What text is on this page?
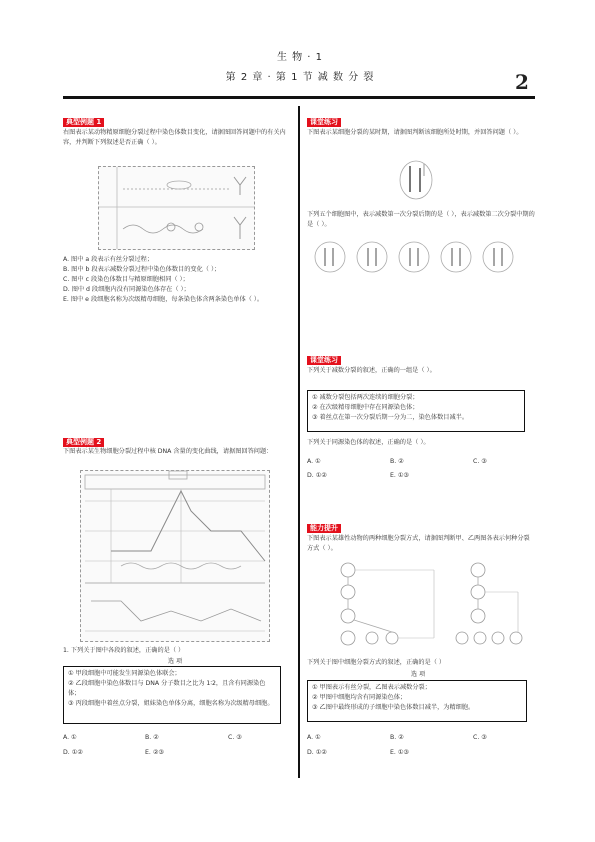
生 物 · 1
第 2 章 · 第 1 节 减 数 分 裂	2
典型例题 1
右图表示某动物精原细胞分裂过程中染色体数目变化，请据图回答问题中的有关内容，并判断下列叙述是否正确（ ）。
A. 图中 a 段表示有丝分裂过程；
B. 图中 b 段表示减数分裂过程中染色体数目的变化（ ）；
C. 图中 c 段染色体数目与精原细胞相同（ ）；
D. 图中 d 段细胞内没有同源染色体存在（ ）；
E. 图中 e 段细胞名称为次级精母细胞，每条染色体含两条染色单体（ ）。
典型例题 2
下图表示某生物细胞分裂过程中核 DNA 含量的变化曲线，请据图回答问题：
1. 下列关于图中各段的叙述，正确的是（ ）
选 项
① 甲段细胞中可能发生同源染色体联会；
② 乙段细胞中染色体数目与 DNA 分子数目之比为 1∶2，且含有同源染色体；
③ 丙段细胞中着丝点分裂，姐妹染色单体分离，细胞名称为次级精母细胞。
A. ①	B. ②	C. ③
D. ①②	E. ②③
课堂练习
下图表示某细胞分裂的某时期，请据图判断该细胞所处时期，并回答问题（ ）。
下列五个细胞图中，表示减数第一次分裂后期的是（ ），表示减数第二次分裂中期的是（ ）。
课堂练习
下列关于减数分裂的叙述，正确的一组是（ ）。
① 减数分裂包括两次连续的细胞分裂；
② 在次级精母细胞中存在同源染色体；
③ 着丝点在第一次分裂后期一分为二，染色体数目减半。
下列关于同源染色体的叙述，正确的是（ ）。
A. ①	B. ②	C. ③
D. ①②	E. ①③
能力提升
下图表示某雄性动物的两种细胞分裂方式，请据图判断甲、乙两图各表示何种分裂方式（ ）。
下列关于图中细胞分裂方式的叙述，正确的是（ ）
选 项
① 甲图表示有丝分裂，乙图表示减数分裂；
② 甲图中细胞均含有同源染色体；
③ 乙图中最终形成的子细胞中染色体数目减半，为精细胞。
A. ①	B. ②	C. ③
D. ①②	E. ①③
